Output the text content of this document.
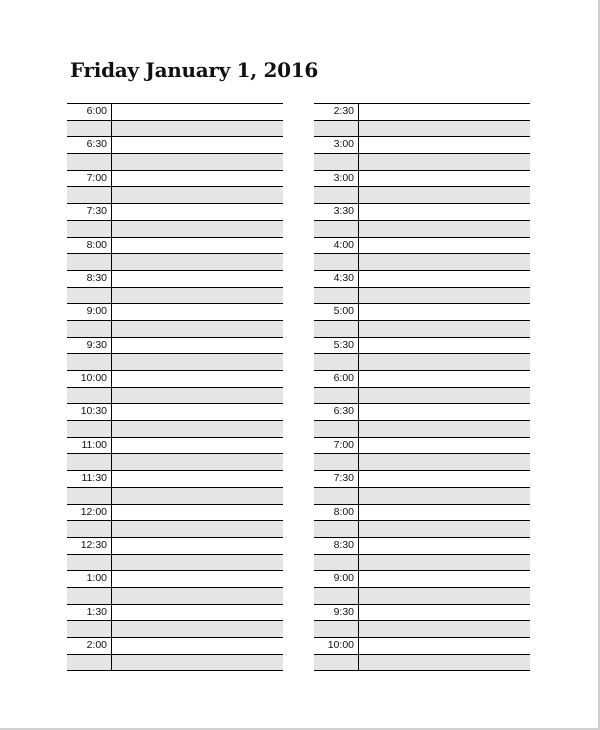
Friday January 1, 2016
6:00
6:30
7:00
7:30
8:00
8:30
9:00
9:30
10:00
10:30
11:00
11:30
12:00
12:30
1:00
1:30
2:00
2:30
3:00
3:00
3:30
4:00
4:30
5:00
5:30
6:00
6:30
7:00
7:30
8:00
8:30
9:00
9:30
10:00
